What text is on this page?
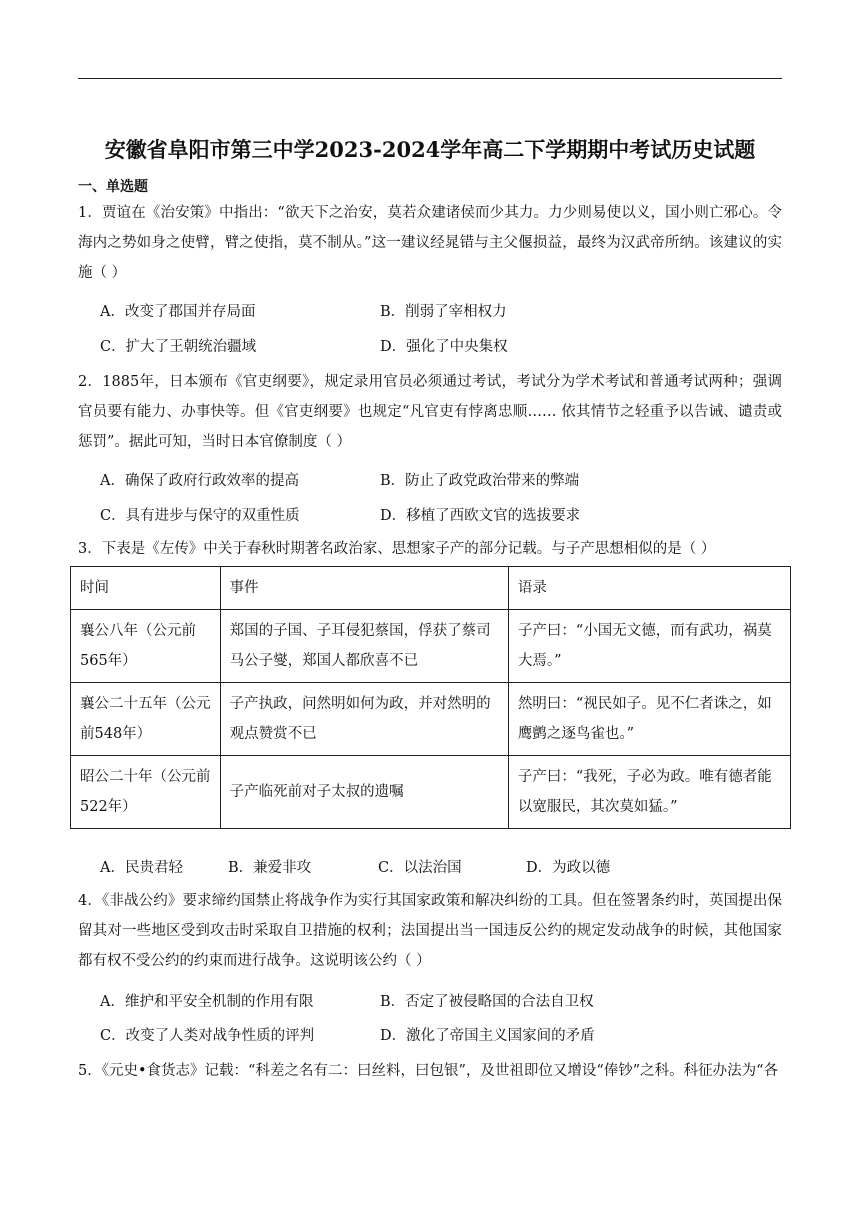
安徽省阜阳市第三中学2023-2024学年高二下学期期中考试历史试题
一、单选题
1．贾谊在《治安策》中指出：“欲天下之治安，莫若众建诸侯而少其力。力少则易使以义，国小则亡邪心。令海内之势如身之使臂，臂之使指，莫不制从。”这一建议经晁错与主父偃损益，最终为汉武帝所纳。该建议的实施（ ）
A．改变了郡国并存局面	B．削弱了宰相权力
C．扩大了王朝统治疆域	D．强化了中央集权
2．1885年，日本颁布《官吏纲要》，规定录用官员必须通过考试，考试分为学术考试和普通考试两种；强调官员要有能力、办事快等。但《官吏纲要》也规定“凡官吏有悖离忠顺…… 依其情节之轻重予以告诫、谴责或惩罚”。据此可知，当时日本官僚制度（ ）
A．确保了政府行政效率的提高	B．防止了政党政治带来的弊端
C．具有进步与保守的双重性质	D．移植了西欧文官的选拔要求
3．下表是《左传》中关于春秋时期著名政治家、思想家子产的部分记载。与子产思想相似的是（ ）
时间	事件	语录
襄公八年（公元前565年）	郑国的子国、子耳侵犯蔡国，俘获了蔡司马公子燮，郑国人都欣喜不已	子产曰：“小国无文德，而有武功，祸莫大焉。”
襄公二十五年（公元前548年）	子产执政，问然明如何为政，并对然明的观点赞赏不已	然明曰：“视民如子。见不仁者诛之，如鹰鹯之逐鸟雀也。”
昭公二十年（公元前522年）	子产临死前对子太叔的遗嘱	子产曰：“我死，子必为政。唯有德者能以宽服民，其次莫如猛。”
A．民贵君轻	B．兼爱非攻	C．以法治国	D．为政以德
4．《非战公约》要求缔约国禁止将战争作为实行其国家政策和解决纠纷的工具。但在签署条约时，英国提出保留其对一些地区受到攻击时采取自卫措施的权利；法国提出当一国违反公约的规定发动战争的时候，其他国家都有权不受公约的约束而进行战争。这说明该公约（ ）
A．维护和平安全机制的作用有限	B．否定了被侵略国的合法自卫权
C．改变了人类对战争性质的评判	D．激化了帝国主义国家间的矛盾
5．《元史•食货志》记载：“科差之名有二：曰丝料，曰包银”，及世祖即位又增设“俸钞”之科。科征办法为“各
